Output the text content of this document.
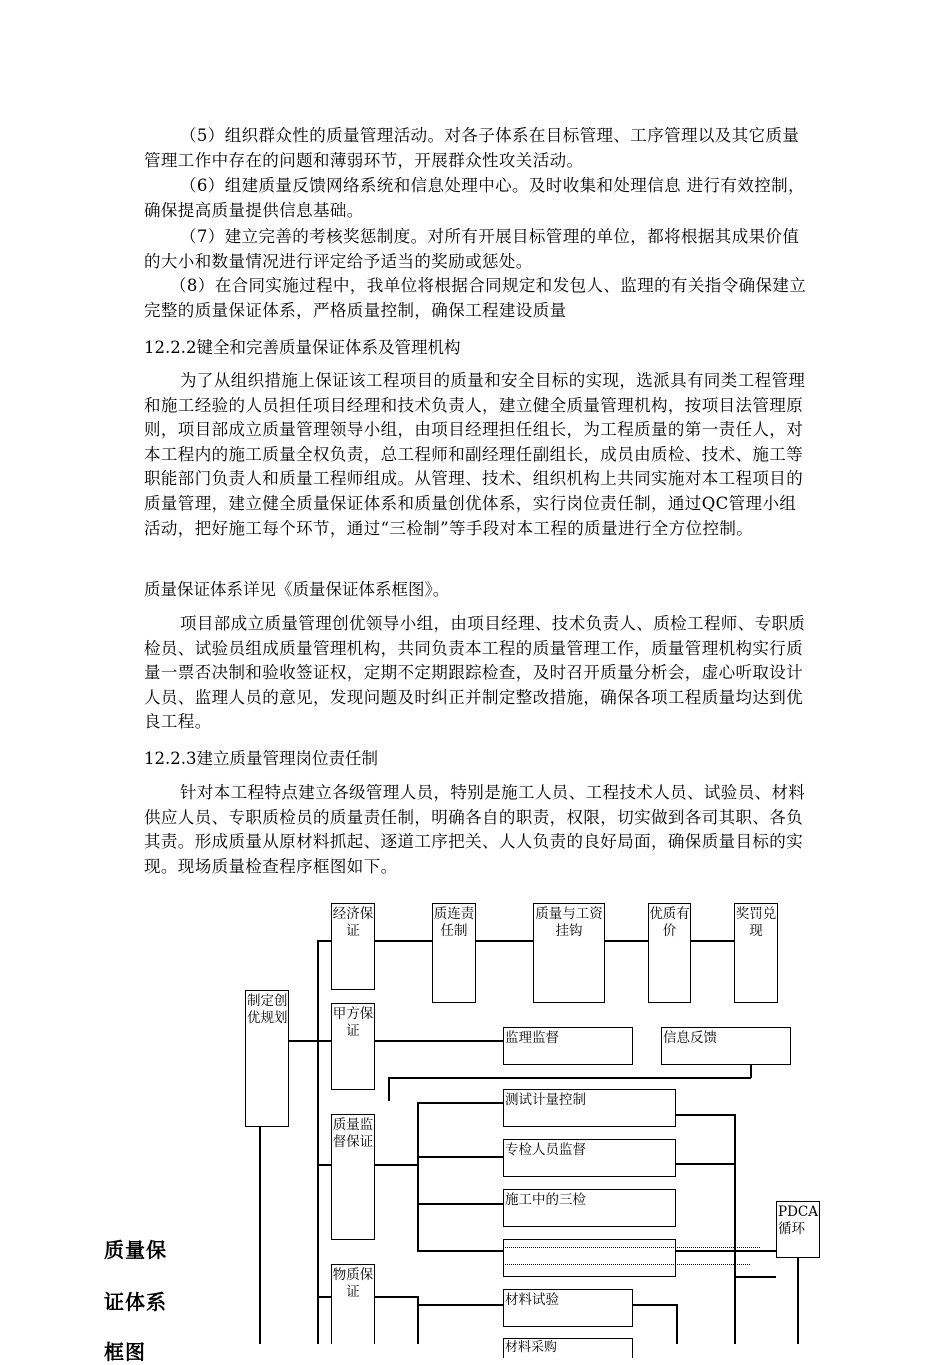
（5）组织群众性的质量管理活动。对各子体系在目标管理、工序管理以及其它质量管理工作中存在的问题和薄弱环节，开展群众性攻关活动。

（6）组建质量反馈网络系统和信息处理中心。及时收集和处理信息 进行有效控制，确保提高质量提供信息基础。

（7）建立完善的考核奖惩制度。对所有开展目标管理的单位，都将根据其成果价值的大小和数量情况进行评定给予适当的奖励或惩处。

（8）在合同实施过程中，我单位将根据合同规定和发包人、监理的有关指令确保建立完整的质量保证体系，严格质量控制，确保工程建设质量

12.2.2键全和完善质量保证体系及管理机构

为了从组织措施上保证该工程项目的质量和安全目标的实现，选派具有同类工程管理和施工经验的人员担任项目经理和技术负责人，建立健全质量管理机构，按项目法管理原则，项目部成立质量管理领导小组，由项目经理担任组长，为工程质量的第一责任人，对本工程内的施工质量全权负责，总工程师和副经理任副组长，成员由质检、技术、施工等职能部门负责人和质量工程师组成。从管理、技术、组织机构上共同实施对本工程项目的质量管理，建立健全质量保证体系和质量创优体系，实行岗位责任制，通过QC管理小组活动，把好施工每个环节，通过“三检制”等手段对本工程的质量进行全方位控制。

质量保证体系详见《质量保证体系框图》。

项目部成立质量管理创优领导小组，由项目经理、技术负责人、质检工程师、专职质检员、试验员组成质量管理机构，共同负责本工程的质量管理工作，质量管理机构实行质量一票否决制和验收签证权，定期不定期跟踪检查，及时召开质量分析会，虚心听取设计人员、监理人员的意见，发现问题及时纠正并制定整改措施，确保各项工程质量均达到优良工程。

12.2.3建立质量管理岗位责任制

针对本工程特点建立各级管理人员，特别是施工人员、工程技术人员、试验员、材料供应人员、专职质检员的质量责任制，明确各自的职责，权限，切实做到各司其职、各负其责。形成质量从原材料抓起、逐道工序把关、人人负责的良好局面，确保质量目标的实现。现场质量检查程序框图如下。

质量保
证体系
框图
制定创优规划
经济保证
质连责任制
质量与工资挂钩
优质有价
奖罚兑现
甲方保证	监理监督	信息反馈
质量监督保证
测试计量控制
专检人员监督
施工中的三检
PDCA循环
物质保证	材料试验
材料采购
